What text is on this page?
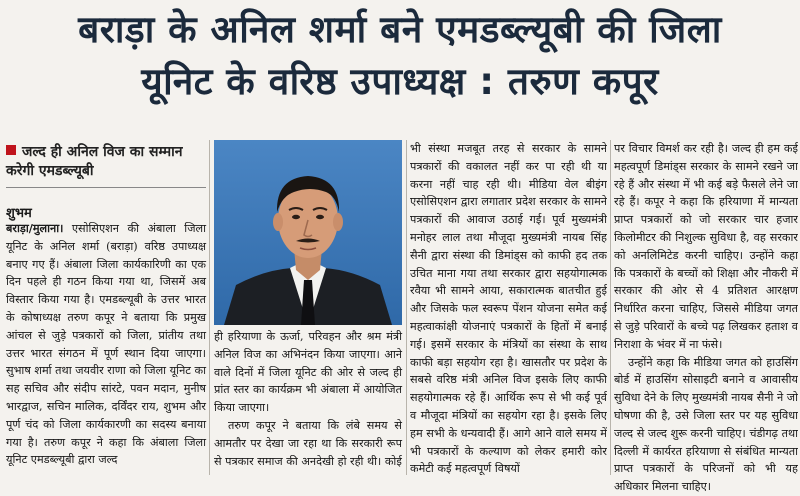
बराड़ा के अनिल शर्मा बने एमडब्ल्यूबी की जिला
यूनिट के वरिष्ठ उपाध्यक्ष : तरुण कपूर
जल्द ही अनिल विज का सम्मान करेगी एमडब्ल्यूबी
शुभम

बराड़ा/मुलाना। एसोसिएशन की अंबाला जिला यूनिट के अनिल शर्मा (बराड़ा) वरिष्ठ उपाध्यक्ष बनाए गए हैं। अंबाला जिला कार्यकारिणी का एक दिन पहले ही गठन किया गया था, जिसमें अब विस्तार किया गया है। एमडब्ल्यूबी के उत्तर भारत के कोषाध्यक्ष तरुण कपूर ने बताया कि प्रमुख आंचल से जुड़े पत्रकारों को जिला, प्रांतीय तथा उत्तर भारत संगठन में पूर्ण स्थान दिया जाएगा। सुभाष शर्मा तथा जयवीर राणा को जिला यूनिट का सह सचिव और संदीप सांरटे, पवन मदान, मुनीष भारद्वाज, सचिन मालिक, दर्विंदर राय, शुभम और पूर्ण चंद को जिला कार्यकारणी का सदस्य बनाया गया है। तरुण कपूर ने कहा कि अंबाला जिला यूनिट एमडब्ल्यूबी द्वारा जल्द

ही हरियाणा के ऊर्जा, परिवहन और श्रम मंत्री अनिल विज का अभिनंदन किया जाएगा। आने वाले दिनों में जिला यूनिट की ओर से जल्द ही प्रांत स्तर का कार्यक्रम भी अंबाला में आयोजित किया जाएगा।

तरुण कपूर ने बताया कि लंबे समय से आमतौर पर देखा जा रहा था कि सरकारी रूप से पत्रकार समाज की अनदेखी हो रही थी। कोई

भी संस्था मजबूत तरह से सरकार के सामने पत्रकारों की वकालत नहीं कर पा रही थी या करना नहीं चाह रही थी। मीडिया वेल बीइंग एसोसिएशन द्वारा लगातार प्रदेश सरकार के सामने पत्रकारों की आवाज उठाई गई। पूर्व मुख्यमंत्री मनोहर लाल तथा मौजूदा मुख्यमंत्री नायब सिंह सैनी द्वारा संस्था की डिमांड्स को काफी हद तक उचित माना गया तथा सरकार द्वारा सहयोगात्मक रवैया भी सामने आया, सकारात्मक बातचीत हुई और जिसके फल स्वरूप पेंशन योजना समेत कई महत्वाकांक्षी योजनाएं पत्रकारों के हितों में बनाई गई। इसमें सरकार के मंत्रियों का संस्था के साथ काफी बड़ा सहयोग रहा है। खासतौर पर प्रदेश के सबसे वरिष्ठ मंत्री अनिल विज इसके लिए काफी सहयोगात्मक रहे हैं। आर्थिक रूप से भी कई पूर्व व मौजूदा मंत्रियों का सहयोग रहा है। इसके लिए हम सभी के धन्यवादी हैं। आगे आने वाले समय में भी पत्रकारों के कल्याण को लेकर हमारी कोर कमेटी कई महत्वपूर्ण विषयों

पर विचार विमर्श कर रही है। जल्द ही हम कई महत्वपूर्ण डिमांड्स सरकार के सामने रखने जा रहे हैं और संस्था में भी कई बड़े फैसले लेने जा रहे हैं। कपूर ने कहा कि हरियाणा में मान्यता प्राप्त पत्रकारों को जो सरकार चार हजार किलोमीटर की निशुल्क सुविधा है, वह सरकार को अनलिमिटेड करनी चाहिए। उन्होंने कहा कि पत्रकारों के बच्चों को शिक्षा और नौकरी में सरकार की ओर से 4 प्रतिशत आरक्षण निर्धारित करना चाहिए, जिससे मीडिया जगत से जुड़े परिवारों के बच्चे पढ़ लिखकर हताश व निराशा के भंवर में ना फंसे।

उन्होंने कहा कि मीडिया जगत को हाउसिंग बोर्ड में हाउसिंग सोसाइटी बनाने व आवासीय सुविधा देने के लिए मुख्यमंत्री नायब सैनी ने जो घोषणा की है, उसे जिला स्तर पर यह सुविधा जल्द से जल्द शुरू करनी चाहिए। चंडीगढ़ तथा दिल्ली में कार्यरत हरियाणा से संबंधित मान्यता प्राप्त पत्रकारों के परिजनों को भी यह अधिकार मिलना चाहिए।
